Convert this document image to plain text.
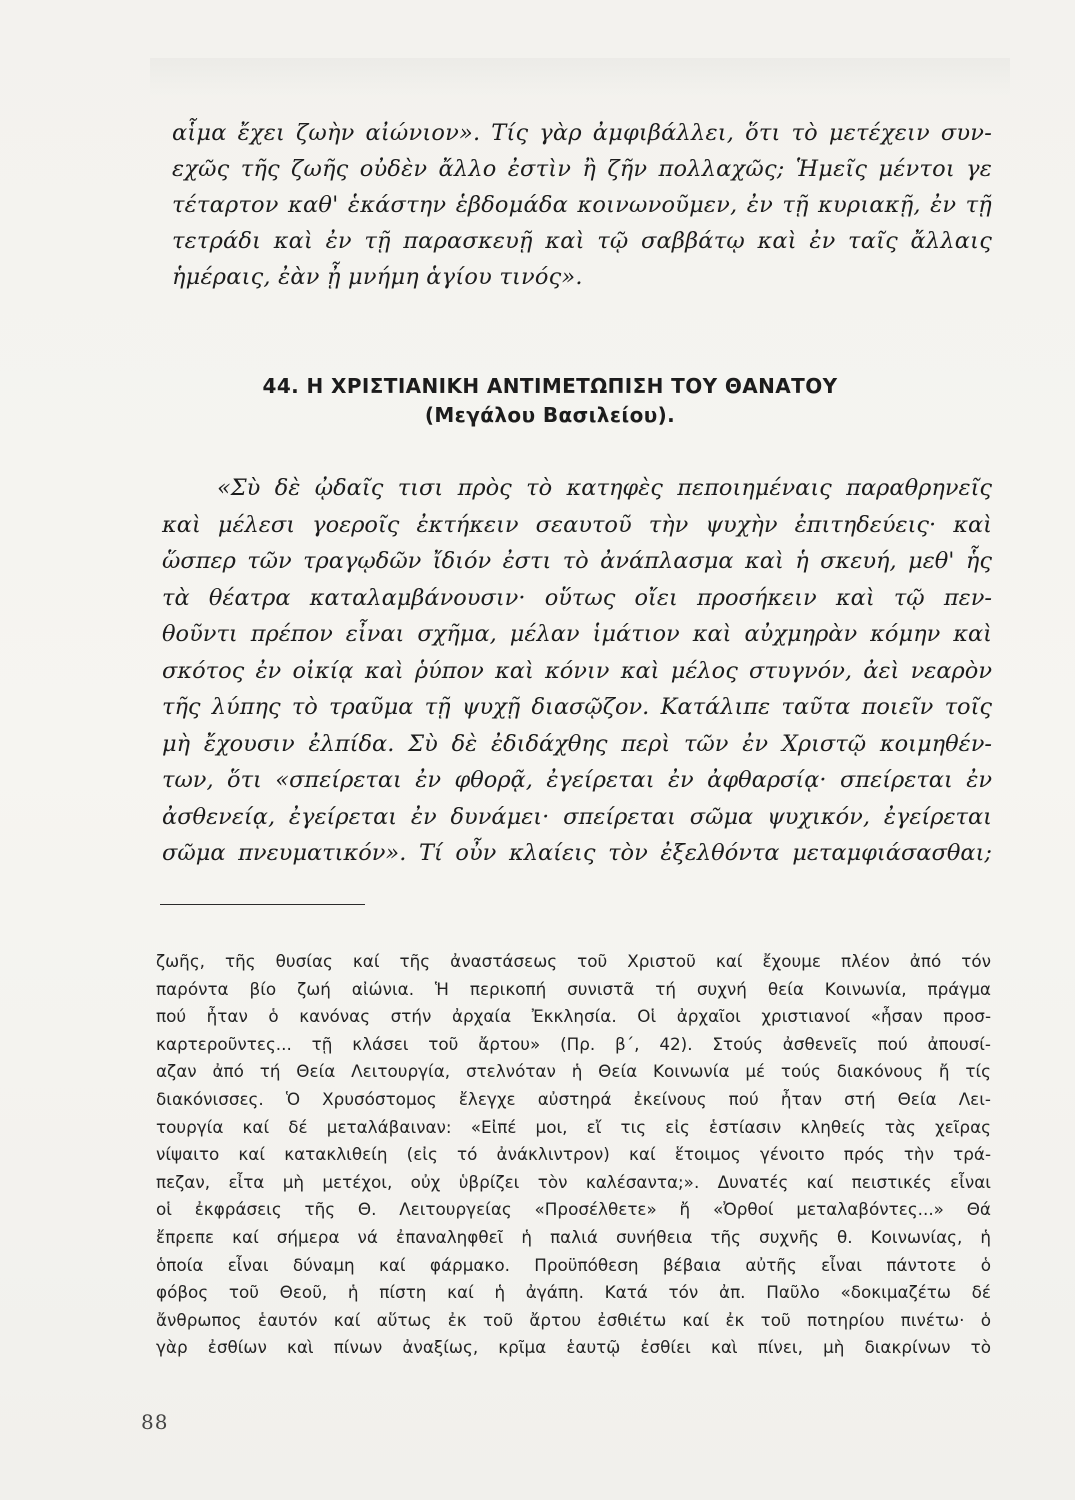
αἷμα ἔχει ζωὴν αἰώνιον». Τίς γὰρ ἀμφιβάλλει, ὅτι τὸ μετέχειν συν-
εχῶς τῆς ζωῆς οὐδὲν ἄλλο ἐστὶν ἢ ζῆν πολλαχῶς; Ἡμεῖς μέντοι γε
τέταρτον καθ' ἑκάστην ἑβδομάδα κοινωνοῦμεν, ἐν τῇ κυριακῇ, ἐν τῇ
τετράδι καὶ ἐν τῇ παρασκευῇ καὶ τῷ σαββάτῳ καὶ ἐν ταῖς ἄλλαις
ἡμέραις, ἐὰν ᾖ μνήμη ἁγίου τινός».
44. Η ΧΡΙΣΤΙΑΝΙΚΗ ΑΝΤΙΜΕΤΩΠΙΣΗ ΤΟΥ ΘΑΝΑΤΟΥ
(Μεγάλου Βασιλείου).
«Σὺ δὲ ᾠδαῖς τισι πρὸς τὸ κατηφὲς πεποιημέναις παραθρηνεῖς
καὶ μέλεσι γοεροῖς ἐκτήκειν σεαυτοῦ τὴν ψυχὴν ἐπιτηδεύεις· καὶ
ὥσπερ τῶν τραγῳδῶν ἴδιόν ἐστι τὸ ἀνάπλασμα καὶ ἡ σκευή, μεθ' ἧς
τὰ θέατρα καταλαμβάνουσιν· οὕτως οἴει προσήκειν καὶ τῷ πεν-
θοῦντι πρέπον εἶναι σχῆμα, μέλαν ἱμάτιον καὶ αὐχμηρὰν κόμην καὶ
σκότος ἐν οἰκίᾳ καὶ ῥύπον καὶ κόνιν καὶ μέλος στυγνόν, ἀεὶ νεαρὸν
τῆς λύπης τὸ τραῦμα τῇ ψυχῇ διασῷζον. Κατάλιπε ταῦτα ποιεῖν τοῖς
μὴ ἔχουσιν ἐλπίδα. Σὺ δὲ ἐδιδάχθης περὶ τῶν ἐν Χριστῷ κοιμηθέν-
των, ὅτι «σπείρεται ἐν φθορᾷ, ἐγείρεται ἐν ἀφθαρσίᾳ· σπείρεται ἐν
ἀσθενείᾳ, ἐγείρεται ἐν δυνάμει· σπείρεται σῶμα ψυχικόν, ἐγείρεται
σῶμα πνευματικόν». Τί οὖν κλαίεις τὸν ἐξελθόντα μεταμφιάσασθαι;
ζωῆς, τῆς θυσίας καί τῆς ἀναστάσεως τοῦ Χριστοῦ καί ἔχουμε πλέον ἀπό τόν
παρόντα βίο ζωή αἰώνια. Ἡ περικοπή συνιστᾶ τή συχνή θεία Κοινωνία, πράγμα
πού ἦταν ὁ κανόνας στήν ἀρχαία Ἐκκλησία. Οἱ ἀρχαῖοι χριστιανοί «ἦσαν προσ-
καρτεροῦντες... τῇ κλάσει τοῦ ἄρτου» (Πρ. β΄, 42). Στούς ἀσθενεῖς πού ἀπουσί-
αζαν ἀπό τή Θεία Λειτουργία, στελνόταν ἡ Θεία Κοινωνία μέ τούς διακόνους ἤ τίς
διακόνισσες. Ὁ Χρυσόστομος ἔλεγχε αὐστηρά ἐκείνους πού ἦταν στή Θεία Λει-
τουργία καί δέ μεταλάβαιναν: «Εἰπέ μοι, εἴ τις εἰς ἑστίασιν κληθείς τὰς χεῖρας
νίψαιτο καί κατακλιθείη (εἰς τό ἀνάκλιντρον) καί ἕτοιμος γένοιτο πρός τὴν τρά-
πεζαν, εἶτα μὴ μετέχοι, οὐχ ὑβρίζει τὸν καλέσαντα;». Δυνατές καί πειστικές εἶναι
οἱ ἐκφράσεις τῆς Θ. Λειτουργείας «Προσέλθετε» ἤ «Ὀρθοί μεταλαβόντες...» Θά
ἔπρεπε καί σήμερα νά ἐπαναληφθεῖ ἡ παλιά συνήθεια τῆς συχνῆς θ. Κοινωνίας, ἡ
ὁποία εἶναι δύναμη καί φάρμακο. Προϋπόθεση βέβαια αὐτῆς εἶναι πάντοτε ὁ
φόβος τοῦ Θεοῦ, ἡ πίστη καί ἡ ἀγάπη. Κατά τόν ἀπ. Παῦλο «δοκιμαζέτω δέ
ἄνθρωπος ἑαυτόν καί αὕτως ἐκ τοῦ ἄρτου ἐσθιέτω καί ἐκ τοῦ ποτηρίου πινέτω· ὁ
γὰρ ἐσθίων καὶ πίνων ἀναξίως, κρῖμα ἑαυτῷ ἐσθίει καὶ πίνει, μὴ διακρίνων τὸ
88
